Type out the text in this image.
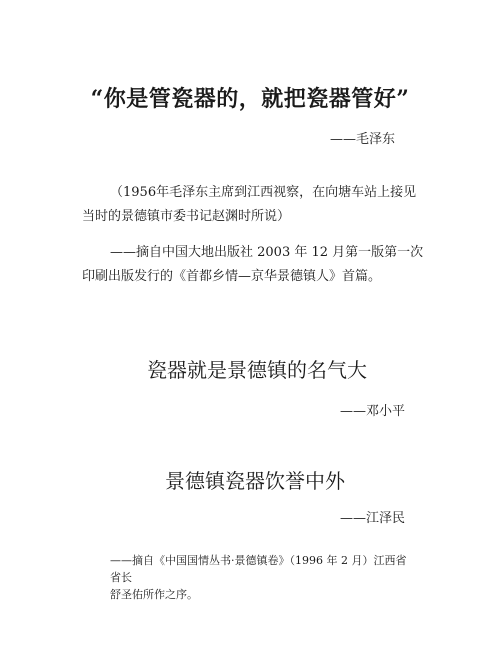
“你是管瓷器的，就把瓷器管好”
——毛泽东

（1956年毛泽东主席到江西视察，在向塘车站上接见

当时的景德镇市委书记赵渊时所说）

——摘自中国大地出版社 2003 年 12 月第一版第一次

印刷出版发行的《首都乡情—京华景德镇人》首篇。

瓷器就是景德镇的名气大
——邓小平
景德镇瓷器饮誉中外
——江泽民

——摘自《中国国情丛书·景德镇卷》（1996 年 2 月）江西省省长

舒圣佑所作之序。
